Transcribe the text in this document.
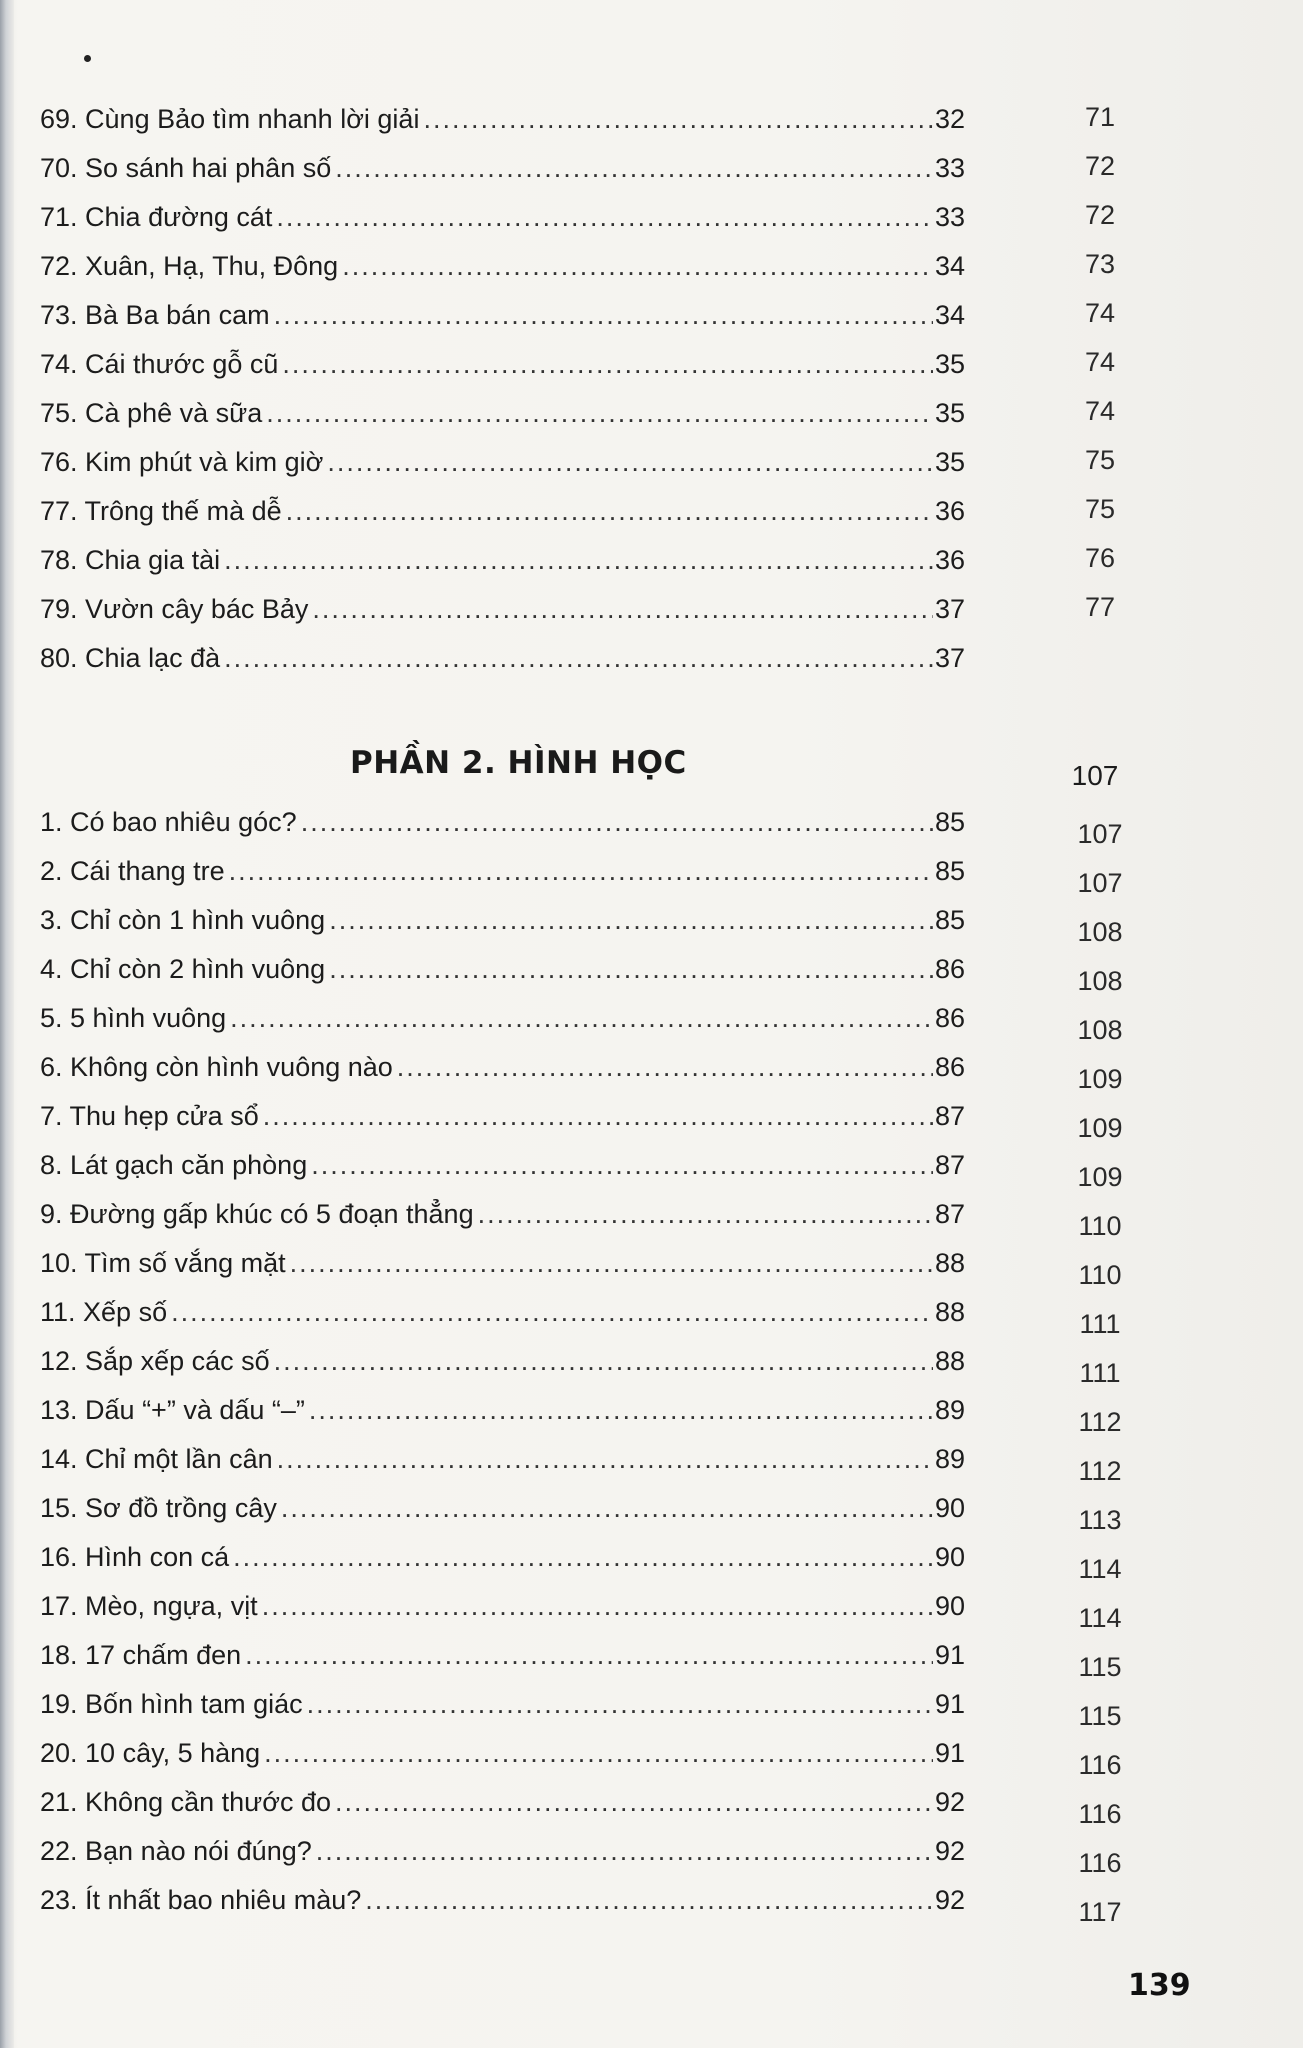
69. Cùng Bảo tìm nhanh lời giải .....	32	71
70. So sánh hai phân số .....	33	72
71. Chia đường cát .....	33	72
72. Xuân, Hạ, Thu, Đông .....	34	73
73. Bà Ba bán cam .....	34	74
74. Cái thước gỗ cũ .....	35	74
75. Cà phê và sữa .....	35	74
76. Kim phút và kim giờ .....	35	75
77. Trông thế mà dễ .....	36	75
78. Chia gia tài .....	36	76
79. Vườn cây bác Bảy .....	37	77
80. Chia lạc đà .....	37
PHẦN 2. HÌNH HỌC	107
1. Có bao nhiêu góc? .....	85	107
2. Cái thang tre .....	85	107
3. Chỉ còn 1 hình vuông .....	85	108
4. Chỉ còn 2 hình vuông .....	86	108
5. 5 hình vuông .....	86	108
6. Không còn hình vuông nào .....	86	109
7. Thu hẹp cửa sổ .....	87	109
8. Lát gạch căn phòng .....	87	109
9. Đường gấp khúc có 5 đoạn thẳng .....	87	110
10. Tìm số vắng mặt .....	88	110
11. Xếp số .....	88	111
12. Sắp xếp các số .....	88	111
13. Dấu “+” và dấu “–” .....	89	112
14. Chỉ một lần cân .....	89	112
15. Sơ đồ trồng cây .....	90	113
16. Hình con cá .....	90	114
17. Mèo, ngựa, vịt .....	90	114
18. 17 chấm đen .....	91	115
19. Bốn hình tam giác .....	91	115
20. 10 cây, 5 hàng .....	91	116
21. Không cần thước đo .....	92	116
22. Bạn nào nói đúng? .....	92	116
23. Ít nhất bao nhiêu màu? .....	92	117
139
